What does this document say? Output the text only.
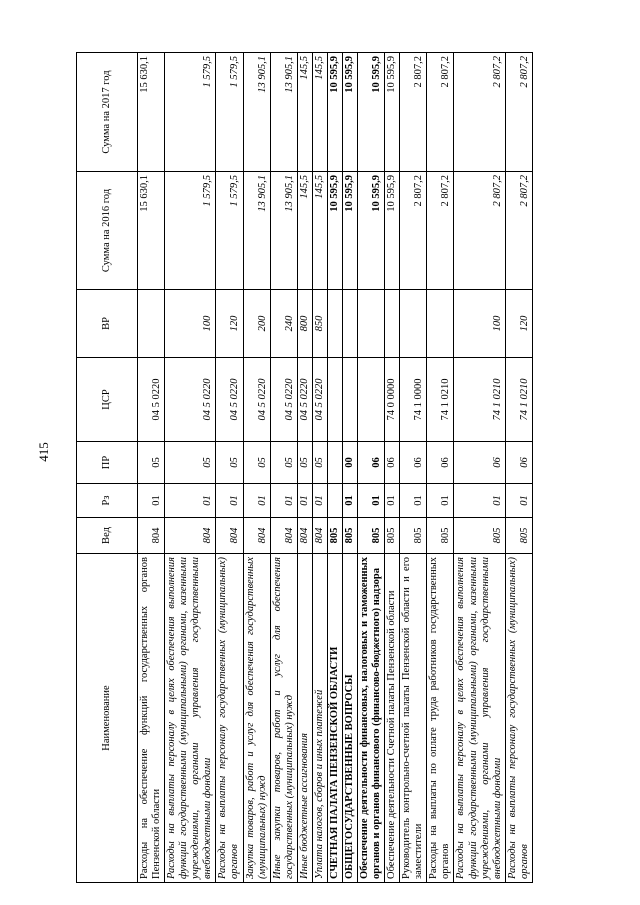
415
Наименование	Вед	Рз	ПР	ЦСР	ВР	Сумма на 2016 год	Сумма на 2017 год
Расходы на обеспечение функций государственных органов Пензенской области	804	01	05	04 5 0220		15 630,1	15 630,1
Расходы на выплаты персоналу в целях обеспечения выполнения функций государственными (муниципальными) органами, казенными учреждениями, органами управления государственными внебюджетными фондами	804	01	05	04 5 0220	100	1 579,5	1 579,5
Расходы на выплаты персоналу государственных (муниципальных) органов	804	01	05	04 5 0220	120	1 579,5	1 579,5
Закупка товаров, работ и услуг для обеспечения государственных (муниципальных) нужд	804	01	05	04 5 0220	200	13 905,1	13 905,1
Иные закупки товаров, работ и услуг для обеспечения государственных (муниципальных) нужд	804	01	05	04 5 0220	240	13 905,1	13 905,1
Иные бюджетные ассигнования	804	01	05	04 5 0220	800	145,5	145,5
Уплата налогов, сборов и иных платежей	804	01	05	04 5 0220	850	145,5	145,5
СЧЕТНАЯ ПАЛАТА ПЕНЗЕНСКОЙ ОБЛАСТИ	805					10 595,9	10 595,9
ОБЩЕГОСУДАРСТВЕННЫЕ ВОПРОСЫ	805	01	00			10 595,9	10 595,9
Обеспечение деятельности финансовых, налоговых и таможенных органов и органов финансового (финансово-бюджетного) надзора	805	01	06			10 595,9	10 595,9
Обеспечение деятельности Счетной палаты Пензенской области	805	01	06	74 0 0000		10 595,9	10 595,9
Руководитель контрольно-счетной палаты Пензенской области и его заместители	805	01	06	74 1 0000		2 807,2	2 807,2
Расходы на выплаты по оплате труда работников государственных органов	805	01	06	74 1 0210		2 807,2	2 807,2
Расходы на выплаты персоналу в целях обеспечения выполнения функций государственными (муниципальными) органами, казенными учреждениями, органами управления государственными внебюджетными фондами	805	01	06	74 1 0210	100	2 807,2	2 807,2
Расходы на выплаты персоналу государственных (муниципальных) органов	805	01	06	74 1 0210	120	2 807,2	2 807,2
